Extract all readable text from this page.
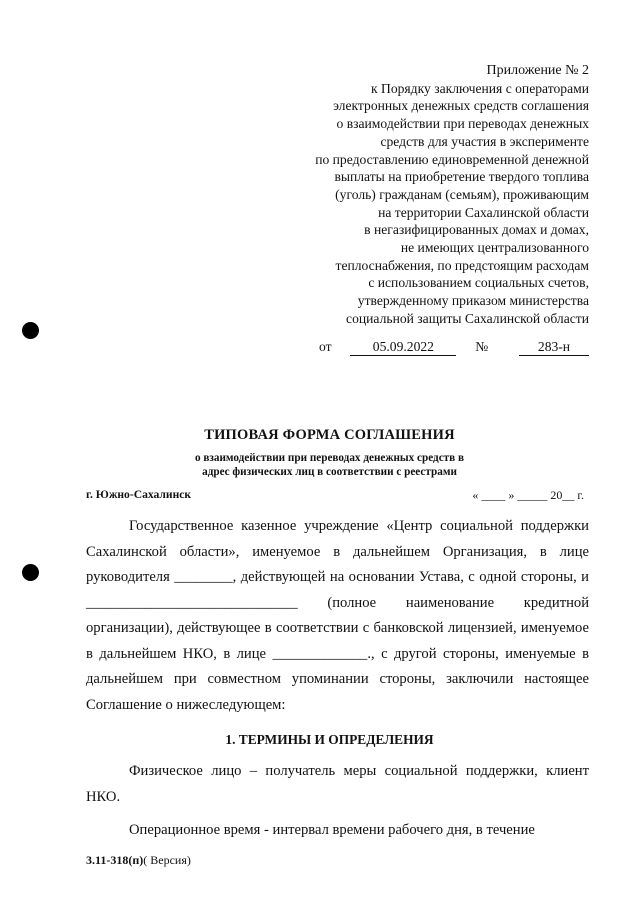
Приложение № 2
к Порядку заключения с операторами
электронных денежных средств соглашения
о взаимодействии при переводах денежных
средств для участия в эксперименте
по предоставлению единовременной денежной
выплаты на приобретение твердого топлива
(уголь) гражданам (семьям), проживающим
на территории Сахалинской области
в негазифицированных домах и домах,
не имеющих централизованного
теплоснабжения, по предстоящим расходам
с использованием социальных счетов,
утвержденному приказом министерства
социальной защиты Сахалинской области
от	05.09.2022	№	283-н
ТИПОВАЯ ФОРМА СОГЛАШЕНИЯ
о взаимодействии при переводах денежных средств в
адрес физических лиц в соответствии с реестрами
г. Южно-Сахалинск	« ____ » _____ 20__ г.
Государственное казенное учреждение «Центр социальной поддержки Сахалинской области», именуемое в дальнейшем Организация, в лице руководителя ________, действующей на основании Устава, с одной стороны, и _____________________________ (полное наименование кредитной организации), действующее в соответствии с банковской лицензией, именуемое в дальнейшем НКО, в лице _____________., с другой стороны, именуемые в дальнейшем при совместном упоминании стороны, заключили настоящее Соглашение о нижеследующем:
1. ТЕРМИНЫ И ОПРЕДЕЛЕНИЯ
Физическое лицо – получатель меры социальной поддержки, клиент НКО.
Операционное время - интервал времени рабочего дня, в течение
3.11-318(п)( Версия)
